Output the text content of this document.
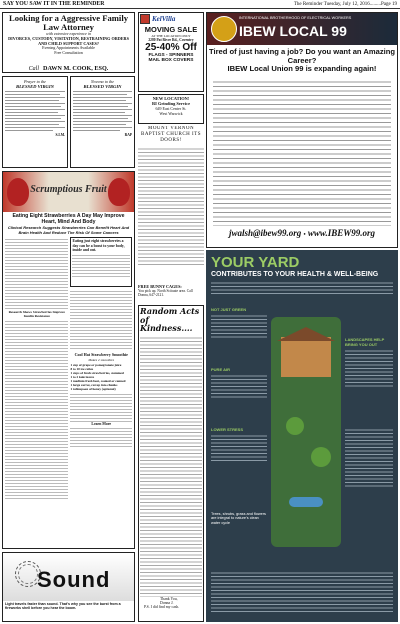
SAY YOU SAW IT IN THE REMINDER	The Reminder Tuesday, July 12, 2016.........Page 19
Looking for a Aggressive Family Law Attorney
with extensive experience in
DIVORCES, CUSTODY, VISITATION, RESTRAINING ORDERS AND CHILD SUPPORT CASES?
Evening Appointments Available
Free Consultation
Call DAWN M. COOK, ESQ.
Prayer to the
BLESSED VIRGIN
S.I.M.
Novena to the
BLESSED VIRGIN
RAP
Scrumptious Fruit
Eating Eight Strawberries A Day May Improve Heart, Mind And Body
Clinical Research Suggests Strawberries Can Benefit Heart And Brain Health And Reduce The Risk Of Some Cancers
Research Shows Strawberries Improve Insulin Resistance
Eating just eight strawberries a day can be a boost to your body, inside and out.
Cool Hat Strawberry Smoothie
Makes 2 smoothies
1 cup of grape or pomegranate juice
8 to 10 ice cubes
1 cups of fresh strawberries, stemmed
1 to 2 kale leaves
1 medium fresh beet, cooked or canned
1 large carrot, cut up into chunks
1 tablespoon of honey (optional)
Learn More
Sound
Light travels faster than sound. That's why you see the burst from a fireworks shell before you hear the boom.
KelVilla
MOVING SALE
AT THE LOCATION ONLY
2280 Pat River Rd., Coventry
25-40% Off
FLAGS - SPINNERS
MAIL BOX COVERS
NEW LOCATION!
RI Grinding Service
649 East Center St.
West Warwick
MOUNT VERNON BAPTIST CHURCH ITS DOORS!
FREE BUNNY CAGES:
You pick up. North Scituate area. Call Donna, 647-2121.
Random Acts of Kindness....
Thank You,
Donna J.
P.S. I did find my cash.
INTERNATIONAL BROTHERHOOD OF ELECTRICAL WORKERS
IBEW LOCAL 99
Tired of just having a job? Do you want an Amazing Career?
IBEW Local Union 99 is expanding again!
jwalsh@ibew99.org • www.IBEW99.org
YOUR YARD
CONTRIBUTES TO YOUR HEALTH & WELL-BEING
NOT JUST GREEN
PURE AIR
LOWER STRESS
LANDSCAPES HELP BRING YOU OUT
Trees, shrubs, grass and flowers are integral to nature's clean water cycle
